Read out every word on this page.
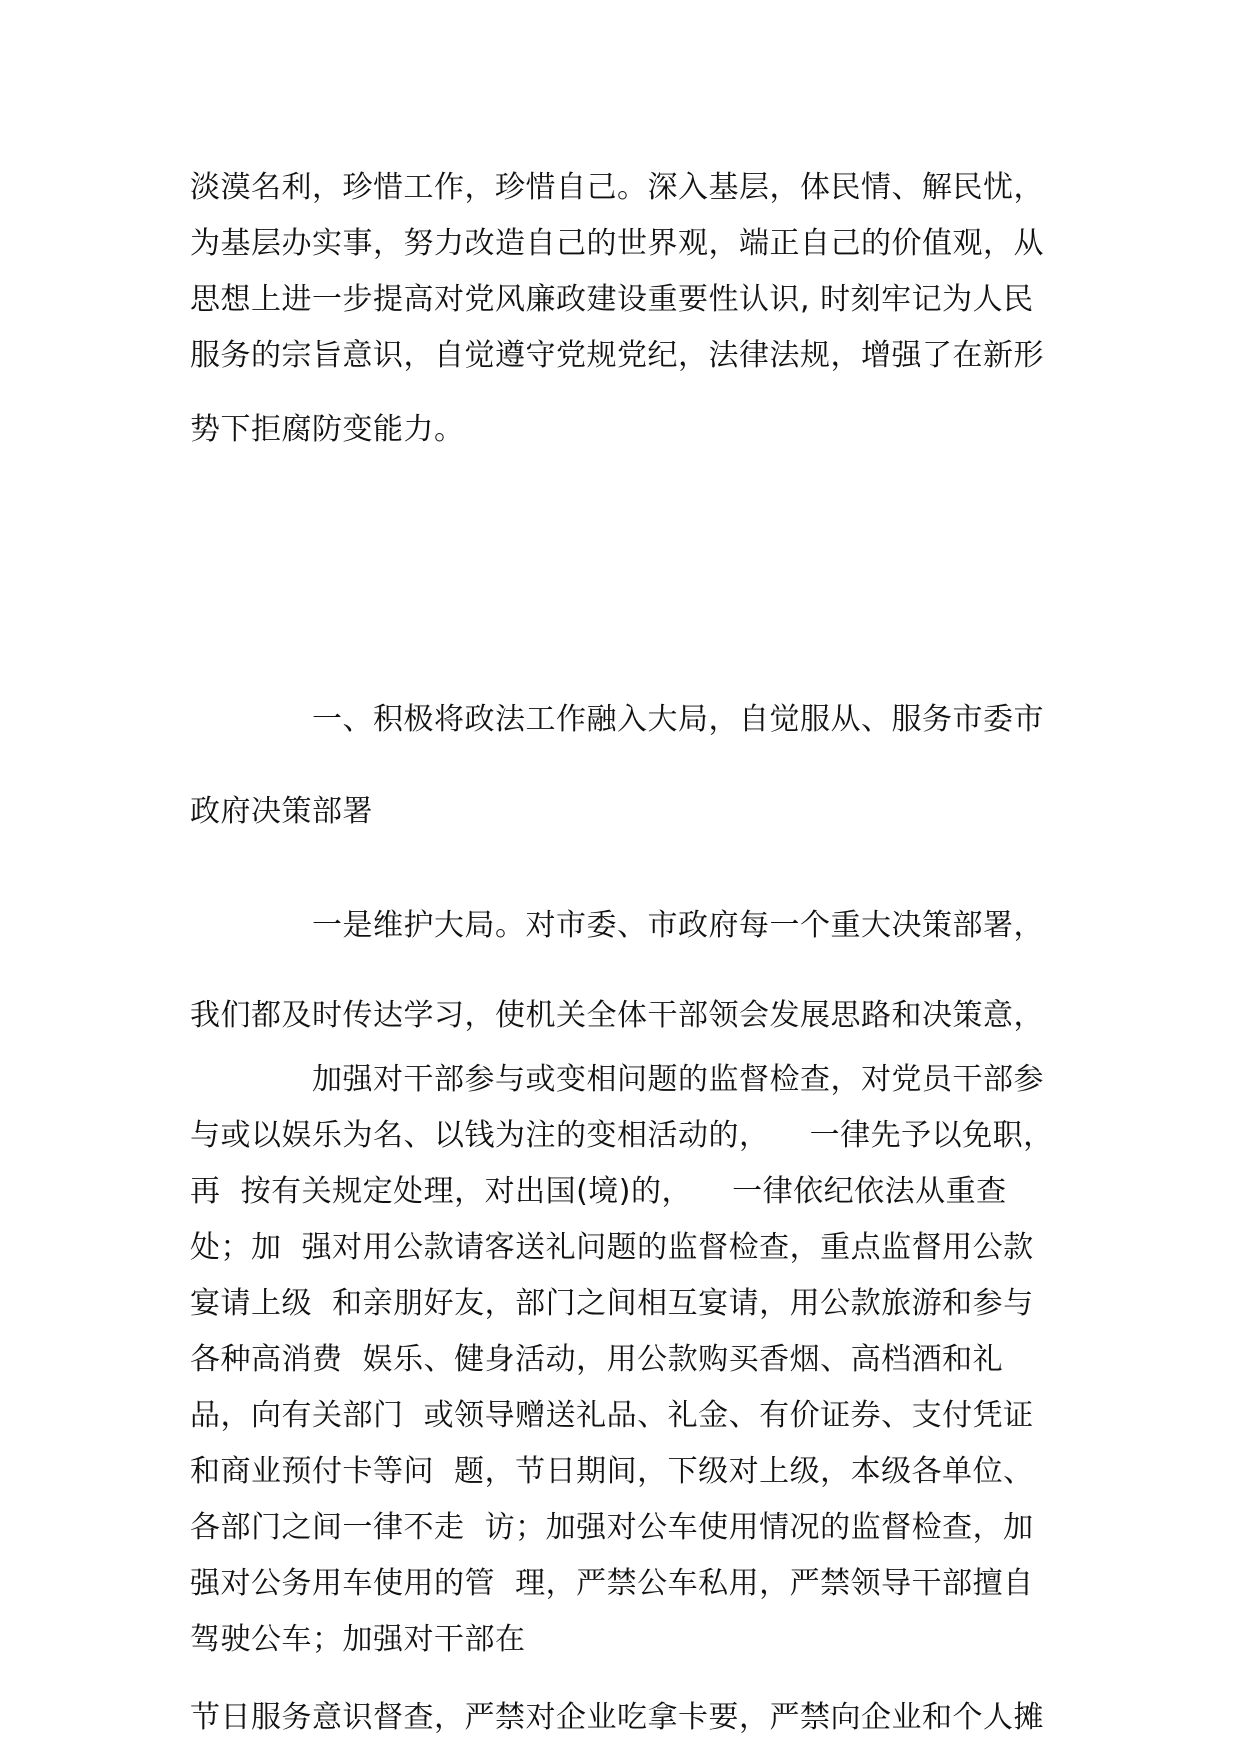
淡漠名利，珍惜工作，珍惜自己。深入基层，体民情、解民忧，
为基层办实事，努力改造自己的世界观，端正自己的价值观，从
思想上进一步提高对党风廉政建设重要性认识, 时刻牢记为人民
服务的宗旨意识，自觉遵守党规党纪，法律法规，增强了在新形
势下拒腐防变能力。
一、积极将政法工作融入大局，自觉服从、服务市委市
政府决策部署
一是维护大局。对市委、市政府每一个重大决策部署，
我们都及时传达学习，使机关全体干部领会发展思路和决策意，
加强对干部参与或变相问题的监督检查，对党员干部参
与或以娱乐为名、以钱为注的变相活动的，    一律先予以免职，
再  按有关规定处理，对出国(境)的，    一律依纪依法从重查
处；加  强对用公款请客送礼问题的监督检查，重点监督用公款
宴请上级  和亲朋好友，部门之间相互宴请，用公款旅游和参与
各种高消费  娱乐、健身活动，用公款购买香烟、高档酒和礼
品，向有关部门  或领导赠送礼品、礼金、有价证券、支付凭证
和商业预付卡等问  题，节日期间，下级对上级，本级各单位、
各部门之间一律不走  访；加强对公车使用情况的监督检查，加
强对公务用车使用的管  理，严禁公车私用，严禁领导干部擅自
驾驶公车；加强对干部在
节日服务意识督查，严禁对企业吃拿卡要，严禁向企业和个人摊
